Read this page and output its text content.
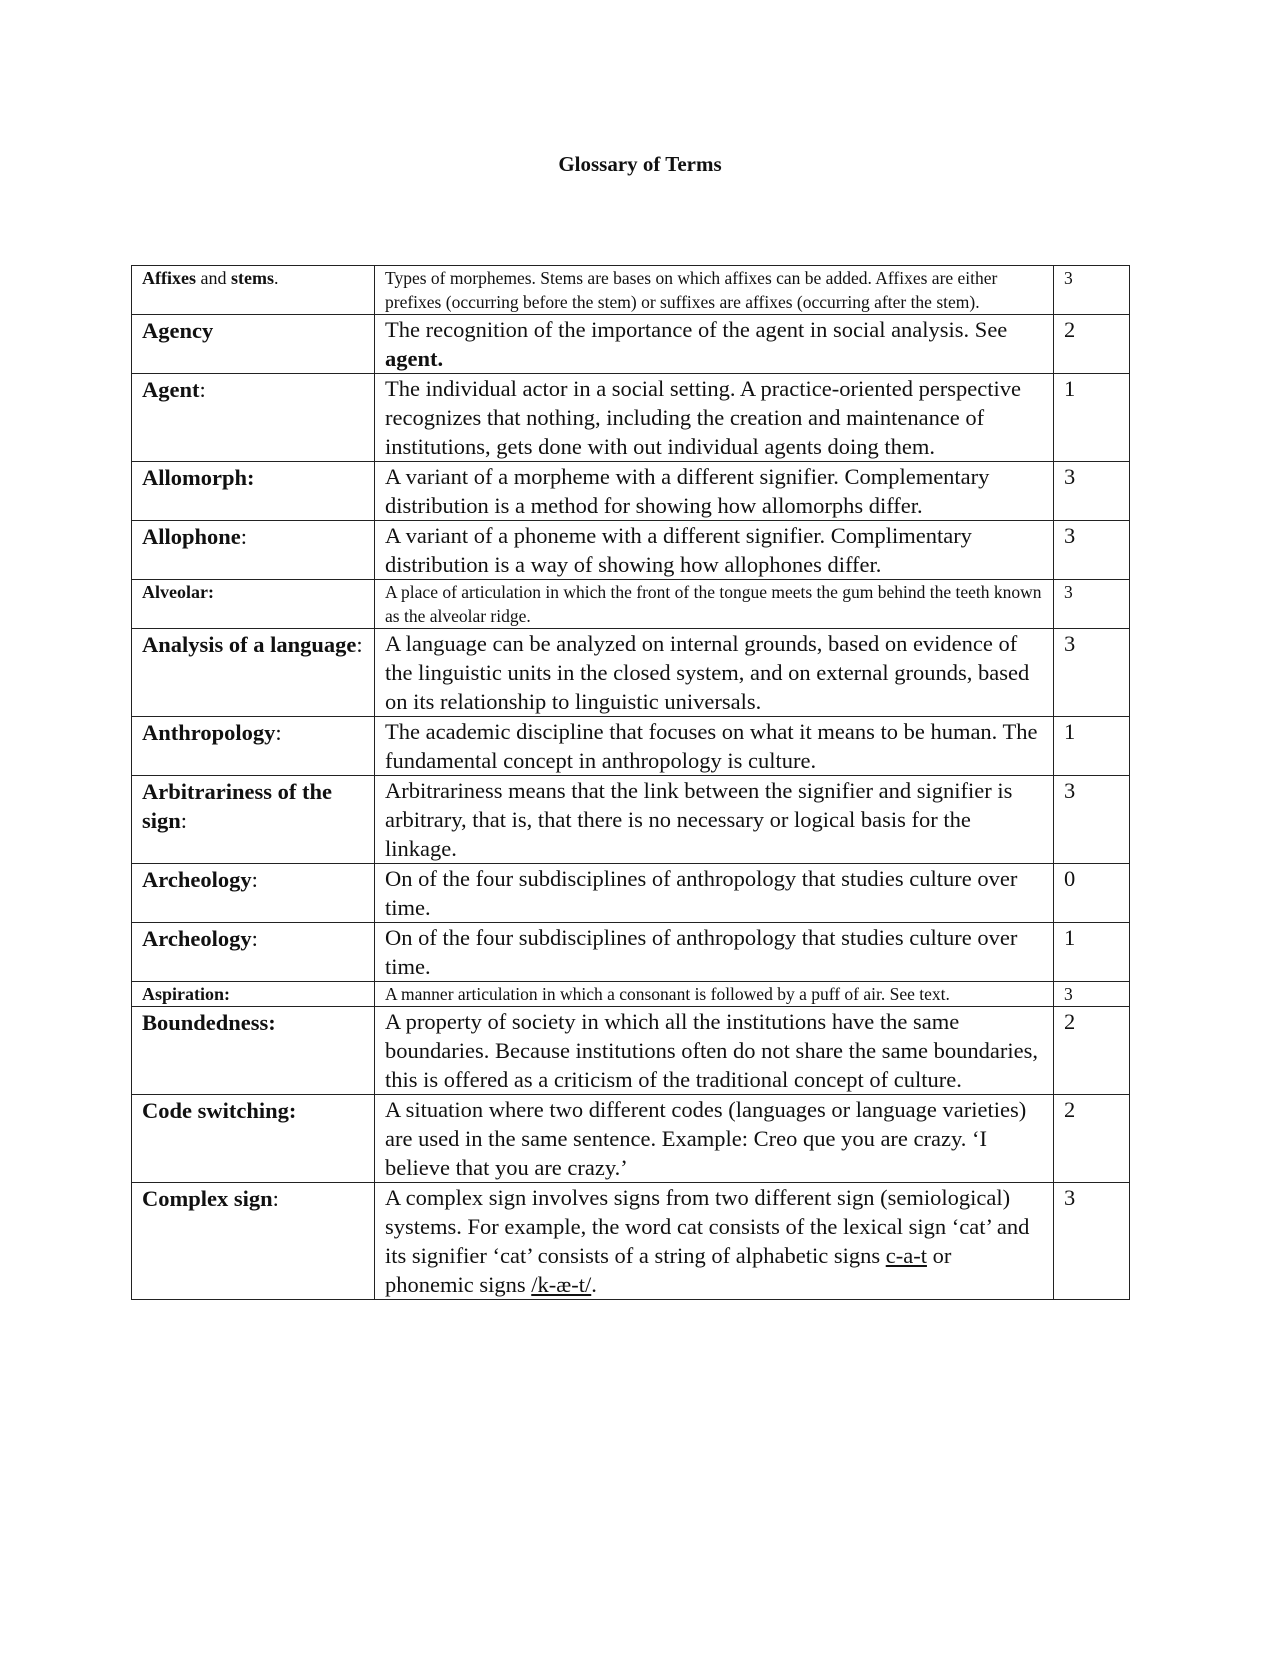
Glossary of Terms
Affixes and stems.	Types of morphemes. Stems are bases on which affixes can be added. Affixes are either prefixes (occurring before the stem) or suffixes are affixes (occurring after the stem).	3
Agency	The recognition of the importance of the agent in social analysis. See agent.	2
Agent:	The individual actor in a social setting. A practice-oriented perspective recognizes that nothing, including the creation and maintenance of institutions, gets done with out individual agents doing them.	1
Allomorph:	A variant of a morpheme with a different signifier. Complementary distribution is a method for showing how allomorphs differ.	3
Allophone:	A variant of a phoneme with a different signifier. Complimentary distribution is a way of showing how allophones differ.	3
Alveolar:	A place of articulation in which the front of the tongue meets the gum behind the teeth known as the alveolar ridge.	3
Analysis of a language:	A language can be analyzed on internal grounds, based on evidence of the linguistic units in the closed system, and on external grounds, based on its relationship to linguistic universals.	3
Anthropology:	The academic discipline that focuses on what it means to be human. The fundamental concept in anthropology is culture.	1
Arbitrariness of the sign:	Arbitrariness means that the link between the signifier and signifier is arbitrary, that is, that there is no necessary or logical basis for the linkage.	3
Archeology:	On of the four subdisciplines of anthropology that studies culture over time.	0
Archeology:	On of the four subdisciplines of anthropology that studies culture over time.	1
Aspiration:	A manner articulation in which a consonant is followed by a puff of air. See text.	3
Boundedness:	A property of society in which all the institutions have the same boundaries. Because institutions often do not share the same boundaries, this is offered as a criticism of the traditional concept of culture.	2
Code switching:	A situation where two different codes (languages or language varieties) are used in the same sentence. Example: Creo que you are crazy. ‘I believe that you are crazy.’	2
Complex sign:	A complex sign involves signs from two different sign (semiological) systems. For example, the word cat consists of the lexical sign ‘cat’ and its signifier ‘cat’ consists of a string of alphabetic signs c-a-t or phonemic signs /k-æ-t/.	3
